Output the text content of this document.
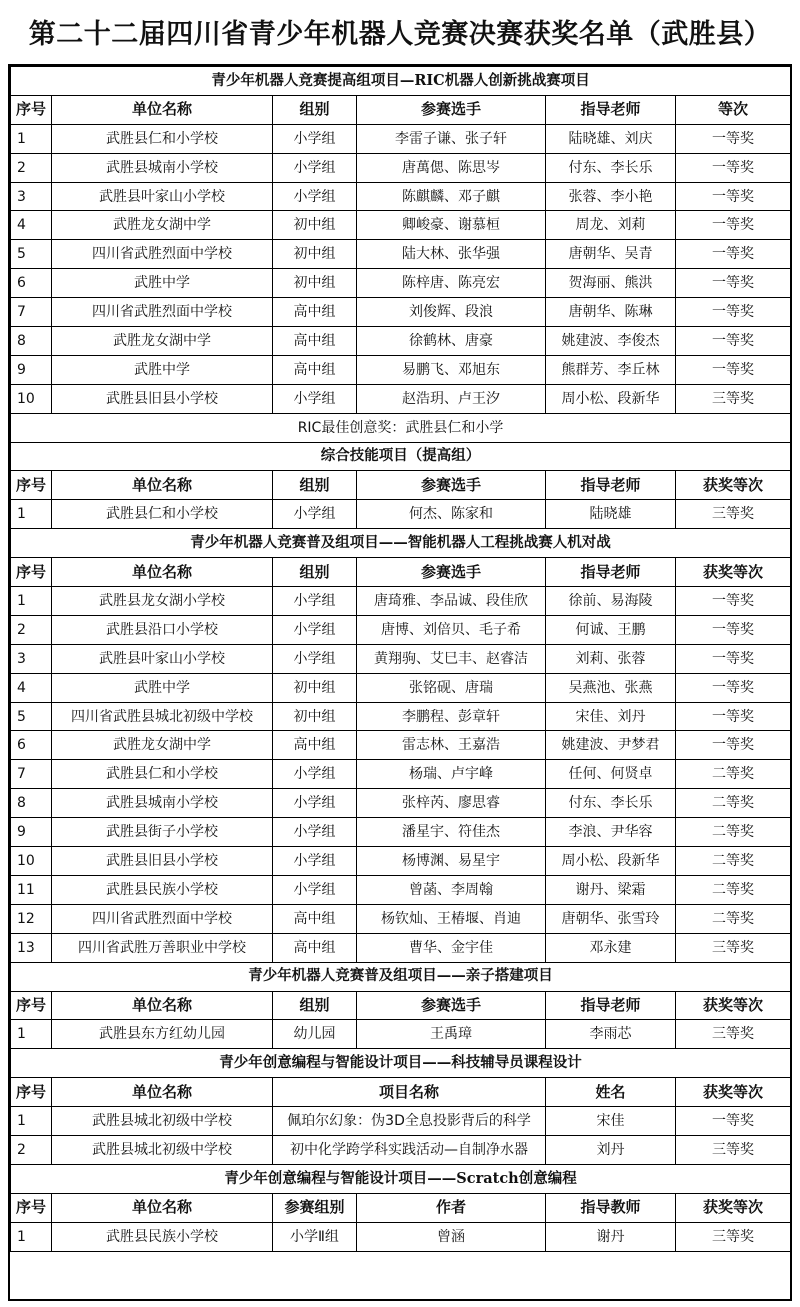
第二十二届四川省青少年机器人竞赛决赛获奖名单（武胜县）
青少年机器人竞赛提高组项目—RIC机器人创新挑战赛项目					
序号	单位名称	组别	参赛选手	指导老师	等次
1	武胜县仁和小学校	小学组	李雷子谦、张子轩	陆晓雄、刘庆	一等奖
2	武胜县城南小学校	小学组	唐萬偲、陈思岑	付东、李长乐	一等奖
3	武胜县叶家山小学校	小学组	陈麒麟、邓子麒	张蓉、李小艳	一等奖
4	武胜龙女湖中学	初中组	卿峻豪、谢慕桓	周龙、刘莉	一等奖
5	四川省武胜烈面中学校	初中组	陆大林、张华强	唐朝华、吴青	一等奖
6	武胜中学	初中组	陈梓唐、陈亮宏	贺海丽、熊洪	一等奖
7	四川省武胜烈面中学校	高中组	刘俊辉、段浪	唐朝华、陈琳	一等奖
8	武胜龙女湖中学	高中组	徐鹤林、唐豪	姚建波、李俊杰	一等奖
9	武胜中学	高中组	易鹏飞、邓旭东	熊群芳、李丘林	一等奖
10	武胜县旧县小学校	小学组	赵浩玥、卢王汐	周小松、段新华	三等奖
RIC最佳创意奖：武胜县仁和小学					
综合技能项目（提高组）					
序号	单位名称	组别	参赛选手	指导老师	获奖等次
1	武胜县仁和小学校	小学组	何杰、陈家和	陆晓雄	三等奖
青少年机器人竞赛普及组项目——智能机器人工程挑战赛人机对战					
序号	单位名称	组别	参赛选手	指导老师	获奖等次
1	武胜县龙女湖小学校	小学组	唐琦雅、李品诚、段佳欣	徐前、易海陵	一等奖
2	武胜县沿口小学校	小学组	唐博、刘倍贝、毛子希	何诚、王鹏	一等奖
3	武胜县叶家山小学校	小学组	黄翔驹、艾巳丰、赵睿洁	刘莉、张蓉	一等奖
4	武胜中学	初中组	张铭砚、唐瑞	吴燕池、张燕	一等奖
5	四川省武胜县城北初级中学校	初中组	李鹏程、彭章轩	宋佳、刘丹	一等奖
6	武胜龙女湖中学	高中组	雷志林、王嘉浩	姚建波、尹梦君	一等奖
7	武胜县仁和小学校	小学组	杨瑞、卢宇峰	任何、何贤卓	二等奖
8	武胜县城南小学校	小学组	张梓芮、廖思睿	付东、李长乐	二等奖
9	武胜县街子小学校	小学组	潘星宇、符佳杰	李浪、尹华容	二等奖
10	武胜县旧县小学校	小学组	杨博渊、易星宇	周小松、段新华	二等奖
11	武胜县民族小学校	小学组	曾菡、李周翰	谢丹、梁霜	二等奖
12	四川省武胜烈面中学校	高中组	杨钦灿、王椿堰、肖迪	唐朝华、张雪玲	二等奖
13	四川省武胜万善职业中学校	高中组	曹华、金宇佳	邓永建	三等奖
青少年机器人竞赛普及组项目——亲子搭建项目					
序号	单位名称	组别	参赛选手	指导老师	获奖等次
1	武胜县东方红幼儿园	幼儿园	王禹璋	李雨芯	三等奖
青少年创意编程与智能设计项目——科技辅导员课程设计					
序号	单位名称	项目名称		姓名	获奖等次
1	武胜县城北初级中学校	佩珀尔幻象：伪3D全息投影背后的科学		宋佳	一等奖
2	武胜县城北初级中学校	初中化学跨学科实践活动—自制净水器		刘丹	三等奖
青少年创意编程与智能设计项目——Scratch创意编程					
序号	单位名称	参赛组别	作者	指导教师	获奖等次
1	武胜县民族小学校	小学Ⅱ组	曾涵	谢丹	三等奖
